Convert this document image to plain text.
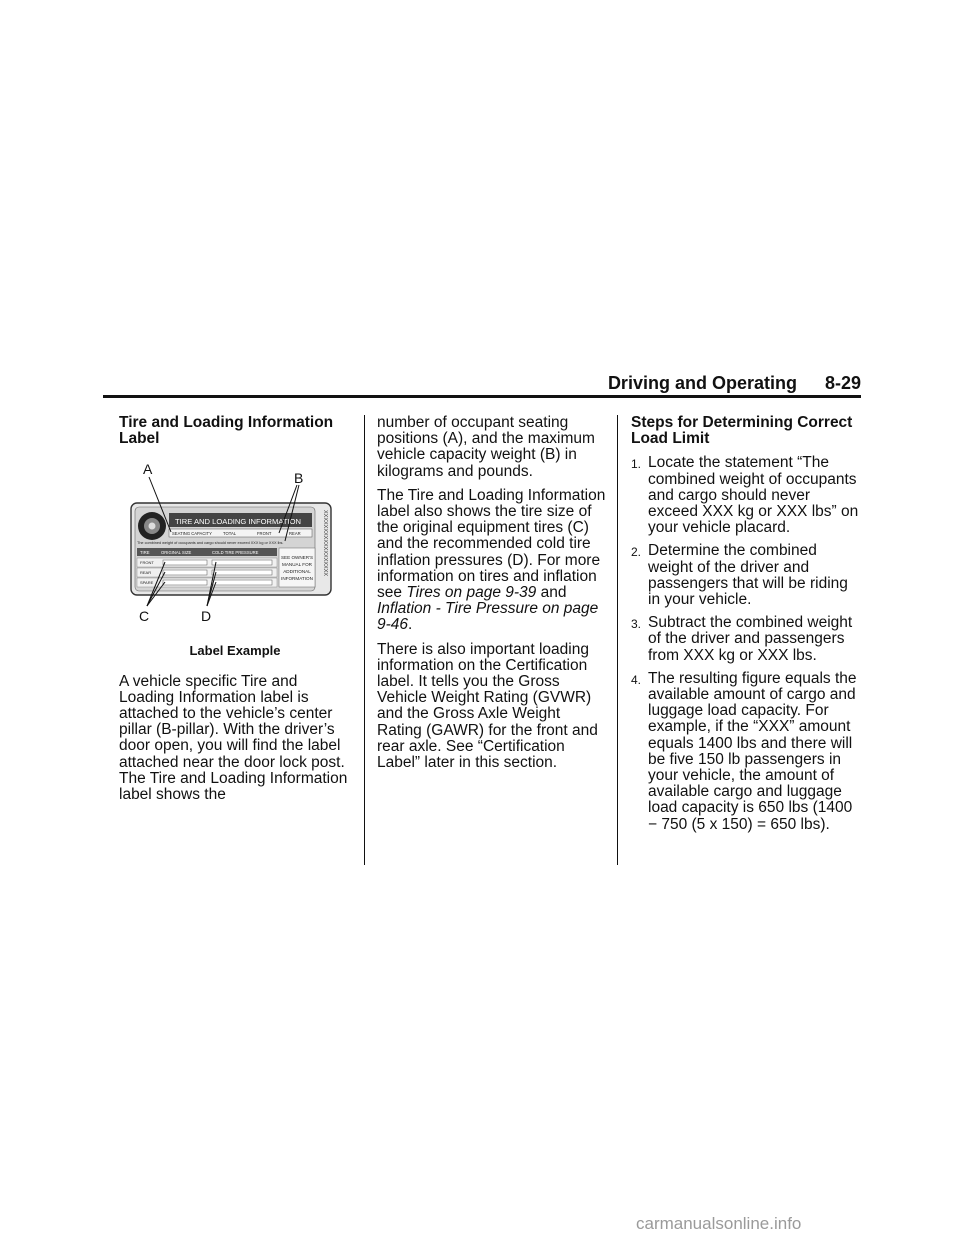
Driving and Operating 8-29
Tire and Loading Information Label
TIRE AND LOADING INFORMATION
SEATING CAPACITY	TOTAL	FRONT	REAR
The combined weight of occupants and cargo should never exceed XXX kg or XXX lbs.
TIRE	ORIGINAL SIZE	COLD TIRE PRESSURE
FRONT
REAR
SPARE
SEE OWNER'S
MANUAL FOR
ADDITIONAL
INFORMATION
XXXXXXXXXXXXXXXXXX
A
B
C	D
Label Example

A vehicle specific Tire and Loading Information label is attached to the vehicle’s center pillar (B-pillar). With the driver’s door open, you will find the label attached near the door lock post. The Tire and Loading Information label shows the

number of occupant seating positions (A), and the maximum vehicle capacity weight (B) in kilograms and pounds.

The Tire and Loading Information label also shows the tire size of the original equipment tires (C) and the recommended cold tire inflation pressures (D). For more information on tires and inflation see Tires on page 9-39 and Inflation - Tire Pressure on page 9-46.

There is also important loading information on the Certification label. It tells you the Gross Vehicle Weight Rating (GVWR) and the Gross Axle Weight Rating (GAWR) for the front and rear axle. See “Certification Label” later in this section.

Steps for Determining Correct Load Limit
1. Locate the statement “The combined weight of occupants and cargo should never exceed XXX kg or XXX lbs” on your vehicle placard.
2. Determine the combined weight of the driver and passengers that will be riding in your vehicle.
3. Subtract the combined weight of the driver and passengers from XXX kg or XXX lbs.
4. The resulting figure equals the available amount of cargo and luggage load capacity. For example, if the “XXX” amount equals 1400 lbs and there will be five 150 lb passengers in your vehicle, the amount of available cargo and luggage load capacity is 650 lbs (1400 − 750 (5 x 150) = 650 lbs).
carmanualsonline.info
